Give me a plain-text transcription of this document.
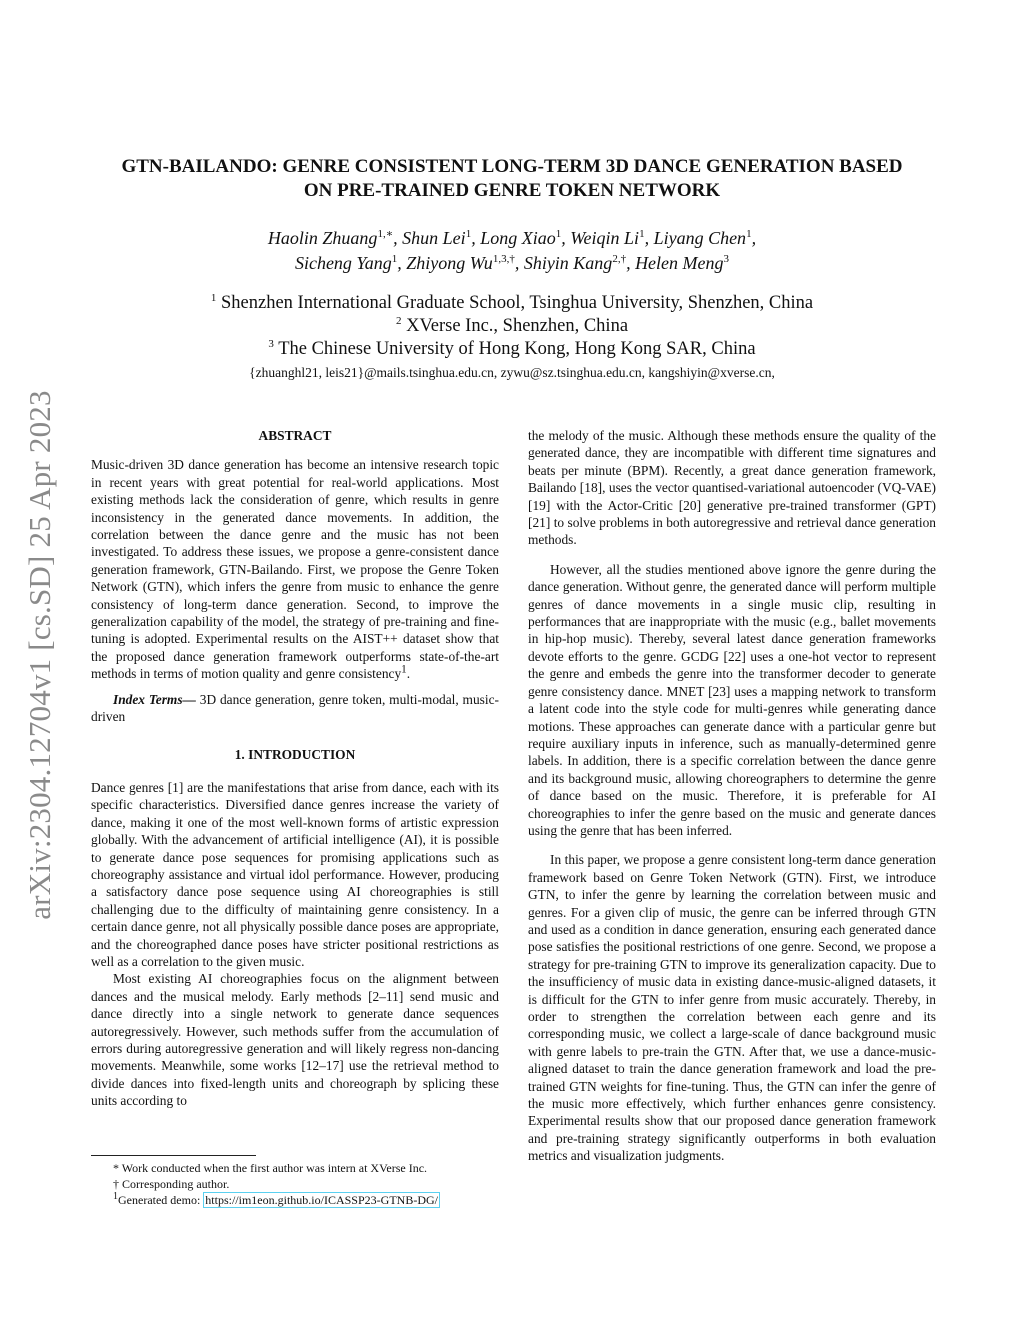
arXiv:2304.12704v1 [cs.SD] 25 Apr 2023
GTN-BAILANDO: GENRE CONSISTENT LONG-TERM 3D DANCE GENERATION BASED
ON PRE-TRAINED GENRE TOKEN NETWORK
Haolin Zhuang$^{1,∗}$, Shun Lei$^1$, Long Xiao$^1$, Weiqin Li$^1$, Liyang Chen$^1$,
Sicheng Yang$^1$, Zhiyong $Wu^{1,3,\dagger}$, Shiyin Kang$^{2,\dagger}$, Helen Meng$^3$
$^1$ Shenzhen International Graduate School, Tsinghua University, Shenzhen, China
$^2$ XVerse Inc., Shenzhen, China
$^3$ The Chinese University of Hong Kong, Hong Kong SAR, China
{zhuanghl21, leis21}@mails.tsinghua.edu.cn, zywu@sz.tsinghua.edu.cn, kangshiyin@xverse.cn,

ABSTRACT

Music-driven 3D dance generation has become an intensive research topic in recent years with great potential for real-world applications. Most existing methods lack the consideration of genre, which results in genre inconsistency in the generated dance movements. In addition, the correlation between the dance genre and the music has not been investigated. To address these issues, we propose a genre-consistent dance generation framework, GTN-Bailando. First, we propose the Genre Token Network (GTN), which infers the genre from music to enhance the genre consistency of long-term dance generation. Second, to improve the generalization capability of the model, the strategy of pre-training and fine-tuning is adopted. Experimental results on the AIST++ dataset show that the proposed dance generation framework outperforms state-of-the-art methods in terms of motion quality and genre consistency$^1$.

Index Terms— 3D dance generation, genre token, multi-modal, music-driven

1. INTRODUCTION

Dance genres [1] are the manifestations that arise from dance, each with its specific characteristics. Diversified dance genres increase the variety of dance, making it one of the most well-known forms of artistic expression globally. With the advancement of artificial intelligence (AI), it is possible to generate dance pose sequences for promising applications such as choreography assistance and virtual idol performance. However, producing a satisfactory dance pose sequence using AI choreographies is still challenging due to the difficulty of maintaining genre consistency. In a certain dance genre, not all physically possible dance poses are appropriate, and the choreographed dance poses have stricter positional restrictions as well as a correlation to the given music.

Most existing AI choreographies focus on the alignment between dances and the musical melody. Early methods [2–11] send music and dance directly into a single network to generate dance sequences autoregressively. However, such methods suffer from the accumulation of errors during autoregressive generation and will likely regress non-dancing movements. Meanwhile, some works [12–17] use the retrieval method to divide dances into fixed-length units and choreograph by splicing these units according to

the melody of the music. Although these methods ensure the quality of the generated dance, they are incompatible with different time signatures and beats per minute (BPM). Recently, a great dance generation framework, Bailando [18], uses the vector quantised-variational autoencoder (VQ-VAE) [19] with the Actor-Critic [20] generative pre-trained transformer (GPT) [21] to solve problems in both autoregressive and retrieval dance generation methods.

However, all the studies mentioned above ignore the genre during the dance generation. Without genre, the generated dance will perform multiple genres of dance movements in a single music clip, resulting in performances that are inappropriate with the music (e.g., ballet movements in hip-hop music). Thereby, several latest dance generation frameworks devote efforts to the genre. GCDG [22] uses a one-hot vector to represent the genre and embeds the genre into the transformer decoder to generate genre consistency dance. MNET [23] uses a mapping network to transform a latent code into the style code for multi-genres while generating dance motions. These approaches can generate dance with a particular genre but require auxiliary inputs in inference, such as manually-determined genre labels. In addition, there is a specific correlation between the dance genre and its background music, allowing choreographers to determine the genre of dance based on the music. Therefore, it is preferable for AI choreographies to infer the genre based on the music and generate dances using the genre that has been inferred.

In this paper, we propose a genre consistent long-term dance generation framework based on Genre Token Network (GTN). First, we introduce GTN, to infer the genre by learning the correlation between music and genres. For a given clip of music, the genre can be inferred through GTN and used as a condition in dance generation, ensuring each generated dance pose satisfies the positional restrictions of one genre. Second, we propose a strategy for pre-training GTN to improve its generalization capacity. Due to the insufficiency of music data in existing dance-music-aligned datasets, it is difficult for the GTN to infer genre from music accurately. Thereby, in order to strengthen the correlation between each genre and its corresponding music, we collect a large-scale of dance background music with genre labels to pre-train the GTN. After that, we use a dance-music-aligned dataset to train the dance generation framework and load the pre-trained GTN weights for fine-tuning. Thus, the GTN can infer the genre of the music more effectively, which further enhances genre consistency. Experimental results show that our proposed dance generation framework and pre-training strategy significantly outperforms in both evaluation metrics and visualization judgments.

* Work conducted when the first author was intern at XVerse Inc.
† Corresponding author.
$^1$Generated demo: https://im1eon.github.io/ICASSP23-GTNB-DG/
